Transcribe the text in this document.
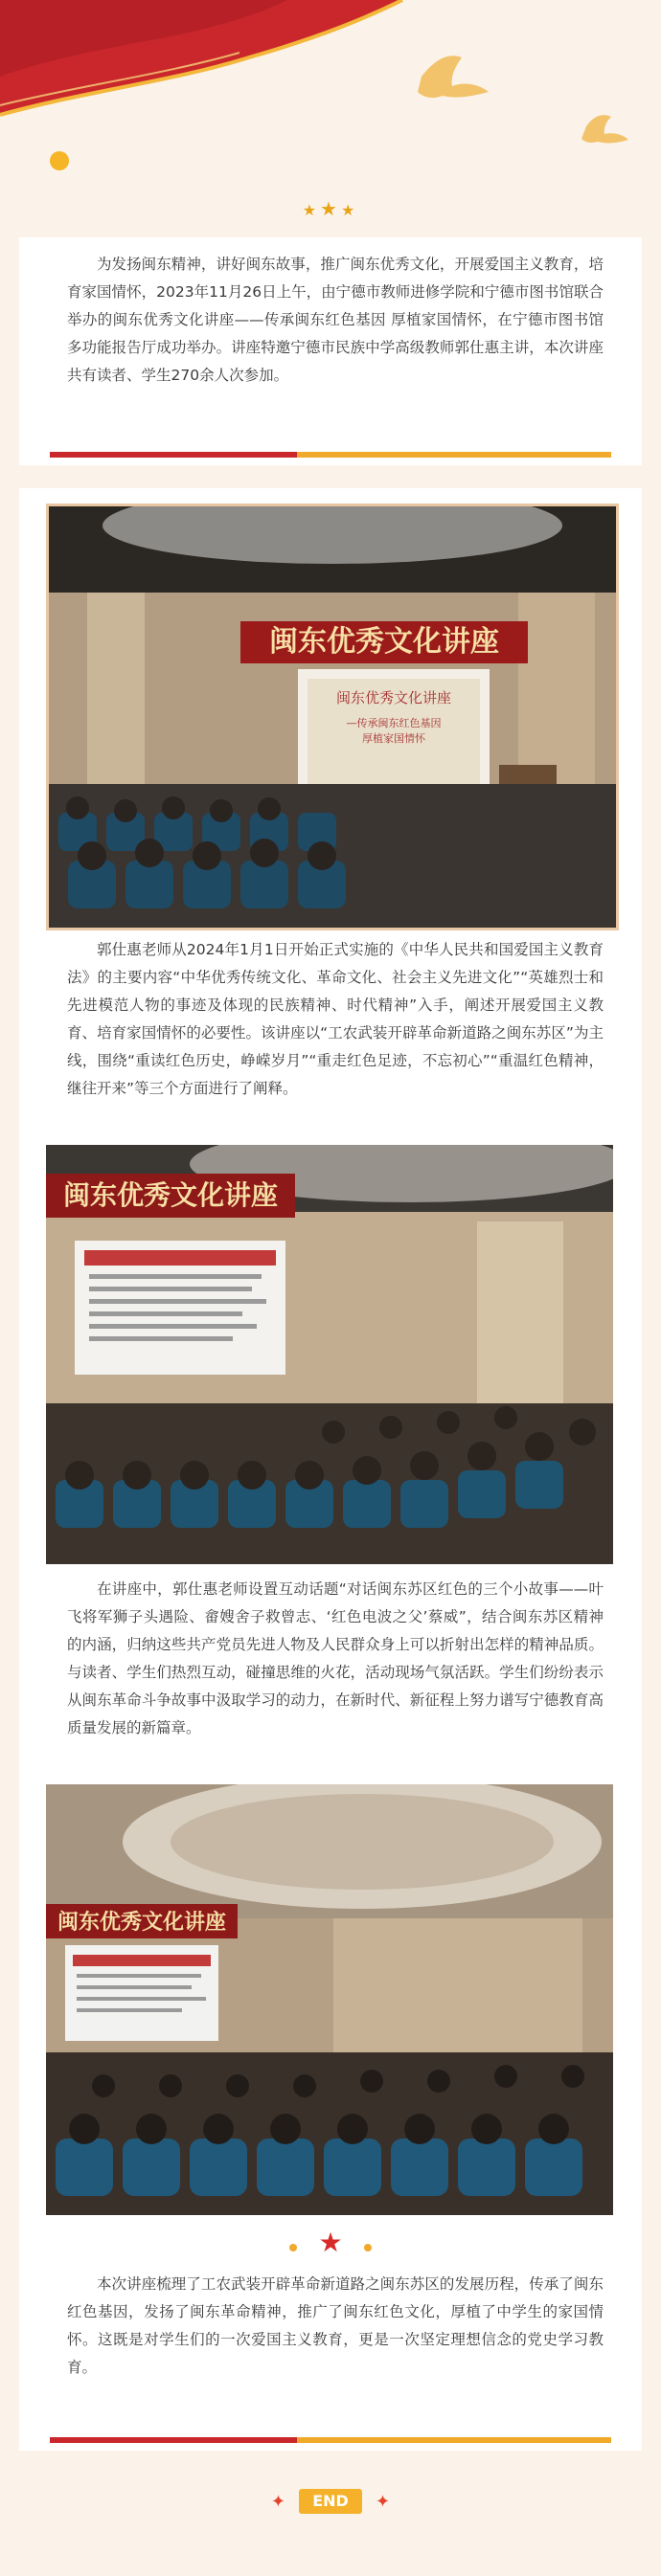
★★★

为发扬闽东精神，讲好闽东故事，推广闽东优秀文化，开展爱国主义教育，培育家国情怀，2023年11月26日上午，由宁德市教师进修学院和宁德市图书馆联合举办的闽东优秀文化讲座——传承闽东红色基因 厚植家国情怀，在宁德市图书馆多功能报告厅成功举办。讲座特邀宁德市民族中学高级教师郭仕惠主讲，本次讲座共有读者、学生270余人次参加。

闽东优秀文化讲座
闽东优秀文化讲座
—传承闽东红色基因
厚植家国情怀

郭仕惠老师从2024年1月1日开始正式实施的《中华人民共和国爱国主义教育法》的主要内容“中华优秀传统文化、革命文化、社会主义先进文化”“英雄烈士和先进模范人物的事迹及体现的民族精神、时代精神”入手，阐述开展爱国主义教育、培育家国情怀的必要性。该讲座以“工农武装开辟革命新道路之闽东苏区”为主线，围绕“重读红色历史，峥嵘岁月”“重走红色足迹，不忘初心”“重温红色精神，继往开来”等三个方面进行了阐释。

闽东优秀文化讲座

在讲座中，郭仕惠老师设置互动话题“对话闽东苏区红色的三个小故事——叶飞将军狮子头遇险、畲嫂舍子救曾志、‘红色电波之父’蔡威”，结合闽东苏区精神的内涵，归纳这些共产党员先进人物及人民群众身上可以折射出怎样的精神品质。与读者、学生们热烈互动，碰撞思维的火花，活动现场气氛活跃。学生们纷纷表示从闽东革命斗争故事中汲取学习的动力，在新时代、新征程上努力谱写宁德教育高质量发展的新篇章。

闽东优秀文化讲座
★

本次讲座梳理了工农武装开辟革命新道路之闽东苏区的发展历程，传承了闽东红色基因，发扬了闽东革命精神，推广了闽东红色文化，厚植了中学生的家国情怀。这既是对学生们的一次爱国主义教育，更是一次坚定理想信念的党史学习教育。

✦ END ✦
